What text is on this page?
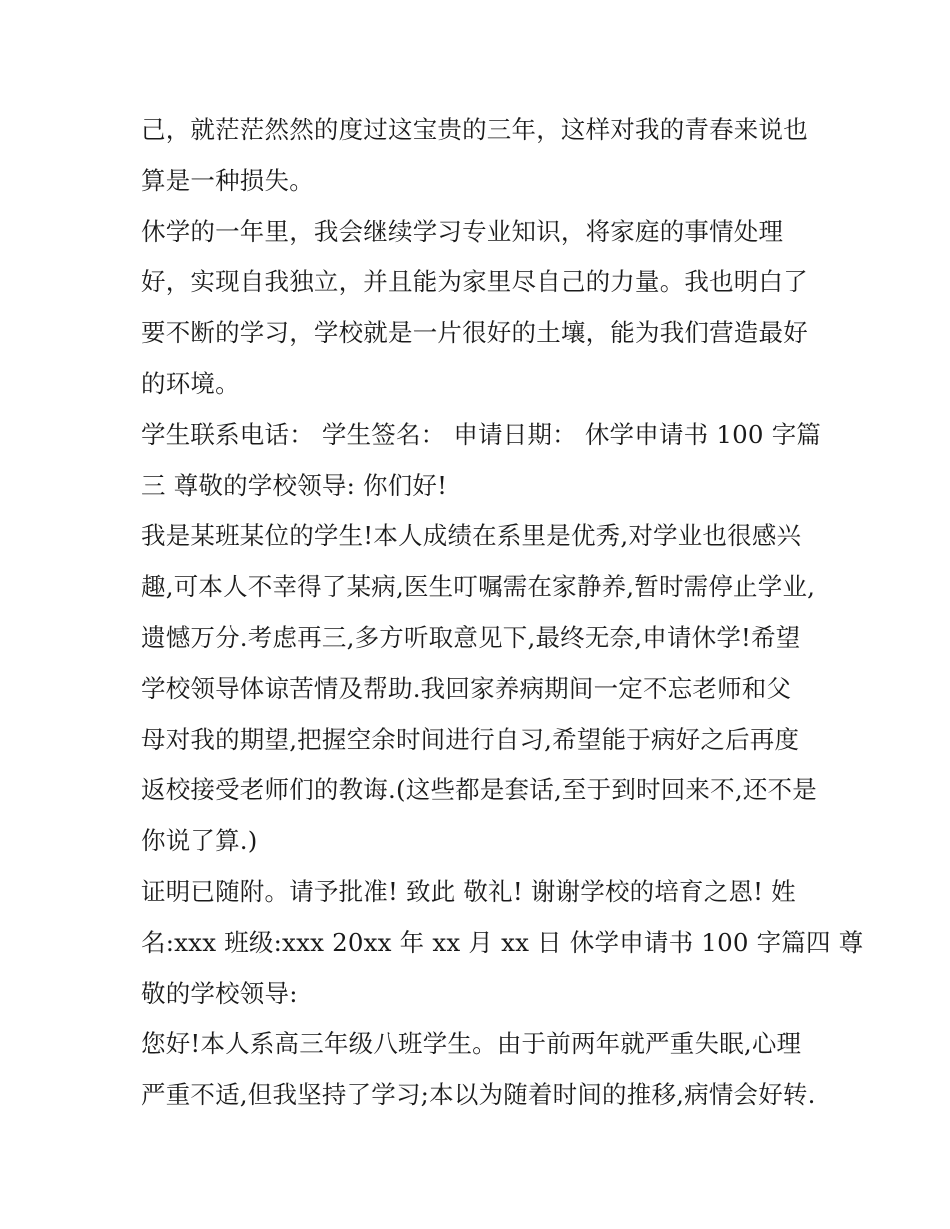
己，就茫茫然然的度过这宝贵的三年，这样对我的青春来说也
算是一种损失。
休学的一年里，我会继续学习专业知识，将家庭的事情处理
好，实现自我独立，并且能为家里尽自己的力量。我也明白了
要不断的学习，学校就是一片很好的土壤，能为我们营造最好
的环境。
学生联系电话： 学生签名： 申请日期： 休学申请书 100 字篇
三 尊敬的学校领导: 你们好!
我是某班某位的学生!本人成绩在系里是优秀,对学业也很感兴
趣,可本人不幸得了某病,医生叮嘱需在家静养,暂时需停止学业,
遗憾万分.考虑再三,多方听取意见下,最终无奈,申请休学!希望
学校领导体谅苦情及帮助.我回家养病期间一定不忘老师和父
母对我的期望,把握空余时间进行自习,希望能于病好之后再度
返校接受老师们的教诲.(这些都是套话,至于到时回来不,还不是
你说了算.)
证明已随附。请予批准! 致此 敬礼! 谢谢学校的培育之恩! 姓
名:xxx 班级:xxx 20xx 年 xx 月 xx 日 休学申请书 100 字篇四 尊
敬的学校领导:
您好!本人系高三年级八班学生。由于前两年就严重失眠,心理
严重不适,但我坚持了学习;本以为随着时间的推移,病情会好转.
